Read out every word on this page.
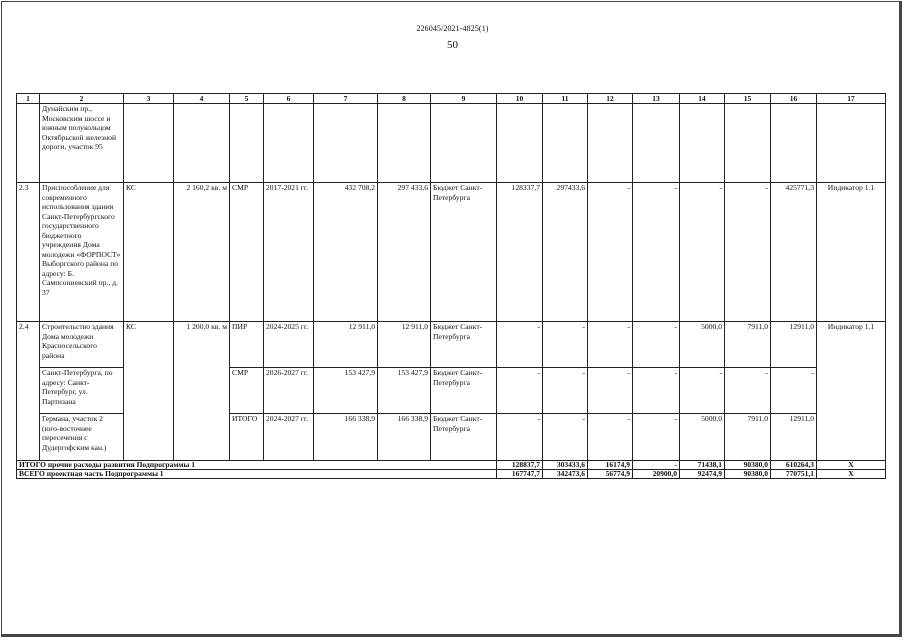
226045/2021-4825(1)
50
1	2	3	4	5	6	7	8	9	10	11	12	13	14	15	16	17
	Дунайским пр., Московским шоссе и южным полукольцом Октябрьской железной дороги, участок 95															
2.3	Приспособление для современного использования здания Санкт-Петербургского государственного бюджетного учреждения Дома молодежи «ФОРПОСТ» Выборгского района по адресу: Б. Сампсониевский пр., д. 37	КС	2 160,2 кв. м	СМР	2017-2021 гг.	432 708,2	297 433,6	Бюджет Санкт-Петербурга	128337,7	297433,6	-	-	-	-	425771,3	Индикатор 1.1
2.4	Строительство здания Дома молодежи Красносельского района	КС	1 200,0 кв. м	ПИР	2024-2025 гг.	12 911,0	12 911,0	Бюджет Санкт-Петербурга	-	-	-	-	5000,0	7911,0	12911,0	Индикатор 1.1
	Санкт-Петербурга, по адресу: Санкт-Петербург, ул. Партизана			СМР	2026-2027 гг.	153 427,9	153 427,9	Бюджет Санкт-Петербурга	-	-	-	-	-	-	-	
	Германа, участок 2 (юго-восточнее пересечения с Дудергофским кан.)			ИТОГО	2024-2027 гг.	166 338,9	166 338,9	Бюджет Санкт-Петербурга	-	-	-	-	5000,0	7911,0	12911,0	
ИТОГО прочие расходы развития Подпрограммы 1									128837,7	303433,6	16174,9	-	71438,1	90380,0	610264,3	Х
ВСЕГО проектная часть Подпрограммы 1									167747,7	342473,6	56774,9	20900,0	92474,9	90380,0	770751,1	Х
